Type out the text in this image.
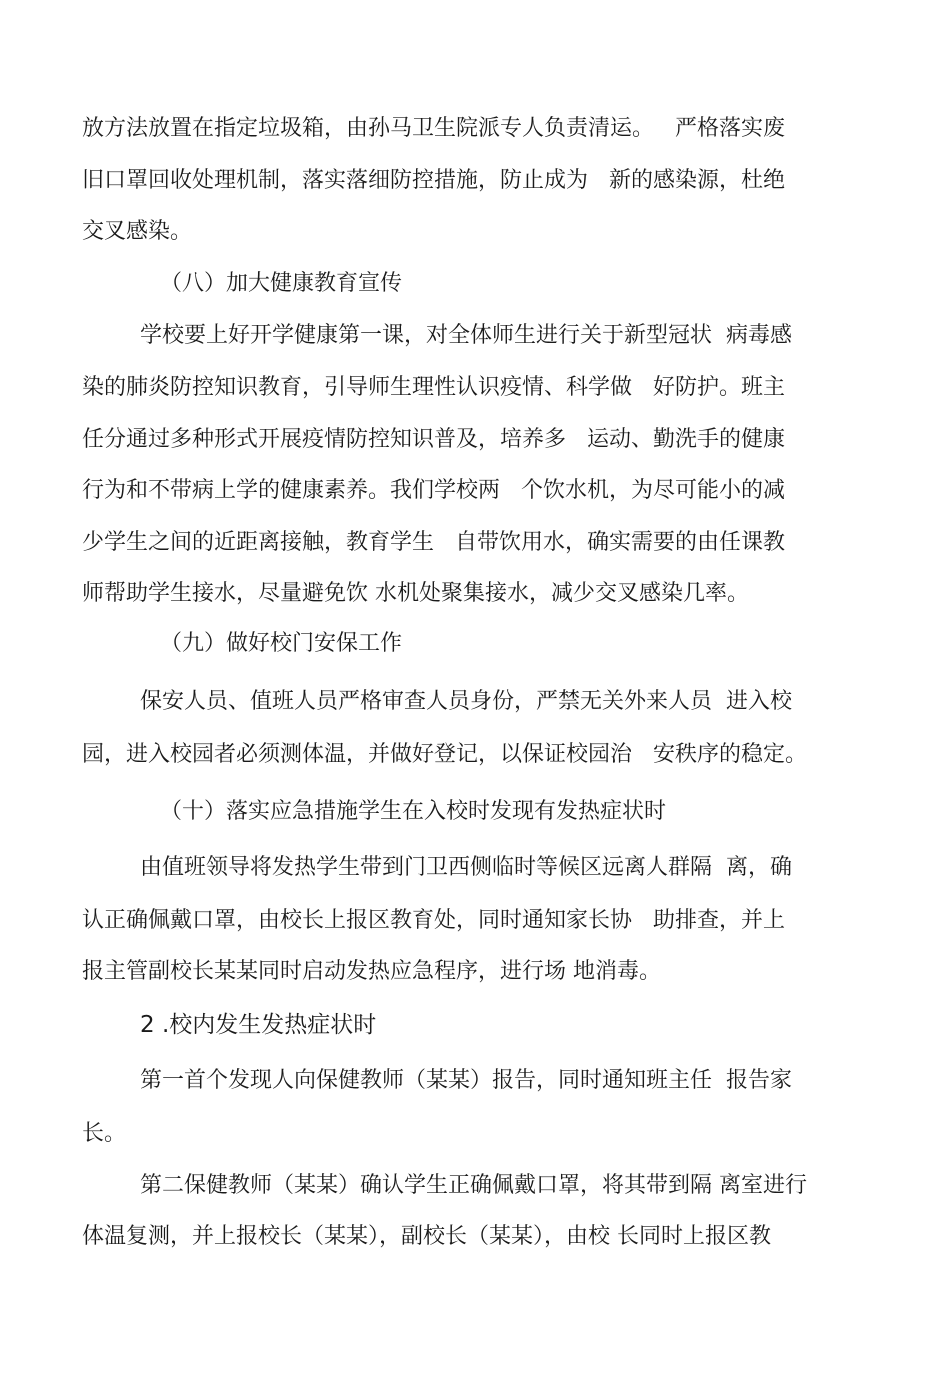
放方法放置在指定垃圾箱，由孙马卫生院派专人负责清运。   严格落实废

旧口罩回收处理机制，落实落细防控措施，防止成为   新的感染源，杜绝

交叉感染。

（八）加大健康教育宣传

学校要上好开学健康第一课，对全体师生进行关于新型冠状  病毒感

染的肺炎防控知识教育，引导师生理性认识疫情、科学做   好防护。班主

任分通过多种形式开展疫情防控知识普及，培养多   运动、勤洗手的健康

行为和不带病上学的健康素养。我们学校两   个饮水机，为尽可能小的减

少学生之间的近距离接触，教育学生   自带饮用水，确实需要的由任课教

师帮助学生接水，尽量避免饮 水机处聚集接水，减少交叉感染几率。

（九）做好校门安保工作

保安人员、值班人员严格审查人员身份，严禁无关外来人员  进入校

园，进入校园者必须测体温，并做好登记，以保证校园治   安秩序的稳定。

（十）落实应急措施学生在入校时发现有发热症状时

由值班领导将发热学生带到门卫西侧临时等候区远离人群隔  离，确

认正确佩戴口罩，由校长上报区教育处，同时通知家长协   助排查，并上

报主管副校长某某同时启动发热应急程序，进行场 地消毒。

2 .校内发生发热症状时

第一首个发现人向保健教师（某某）报告，同时通知班主任  报告家

长。

第二保健教师（某某）确认学生正确佩戴口罩，将其带到隔 离室进行

体温复测，并上报校长（某某），副校长（某某），由校 长同时上报区教
